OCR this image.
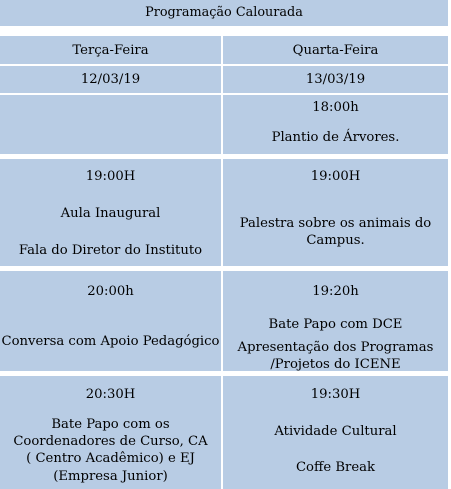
Programação Calourada
Terça-Feira	Quarta-Feira
12/03/19	13/03/19
18:00h
Plantio de Árvores.
19:00H
Aula Inaugural
Fala do Diretor do Instituto
19:00H
Palestra sobre os animais do
Campus.
20:00h
Conversa com Apoio Pedagógico
19:20h
Bate Papo com DCE
Apresentação dos Programas
/Projetos do ICENE
20:30H
Bate Papo com os
Coordenadores de Curso, CA
( Centro Acadêmico) e EJ
(Empresa Junior)
19:30H
Atividade Cultural
Coffe Break
